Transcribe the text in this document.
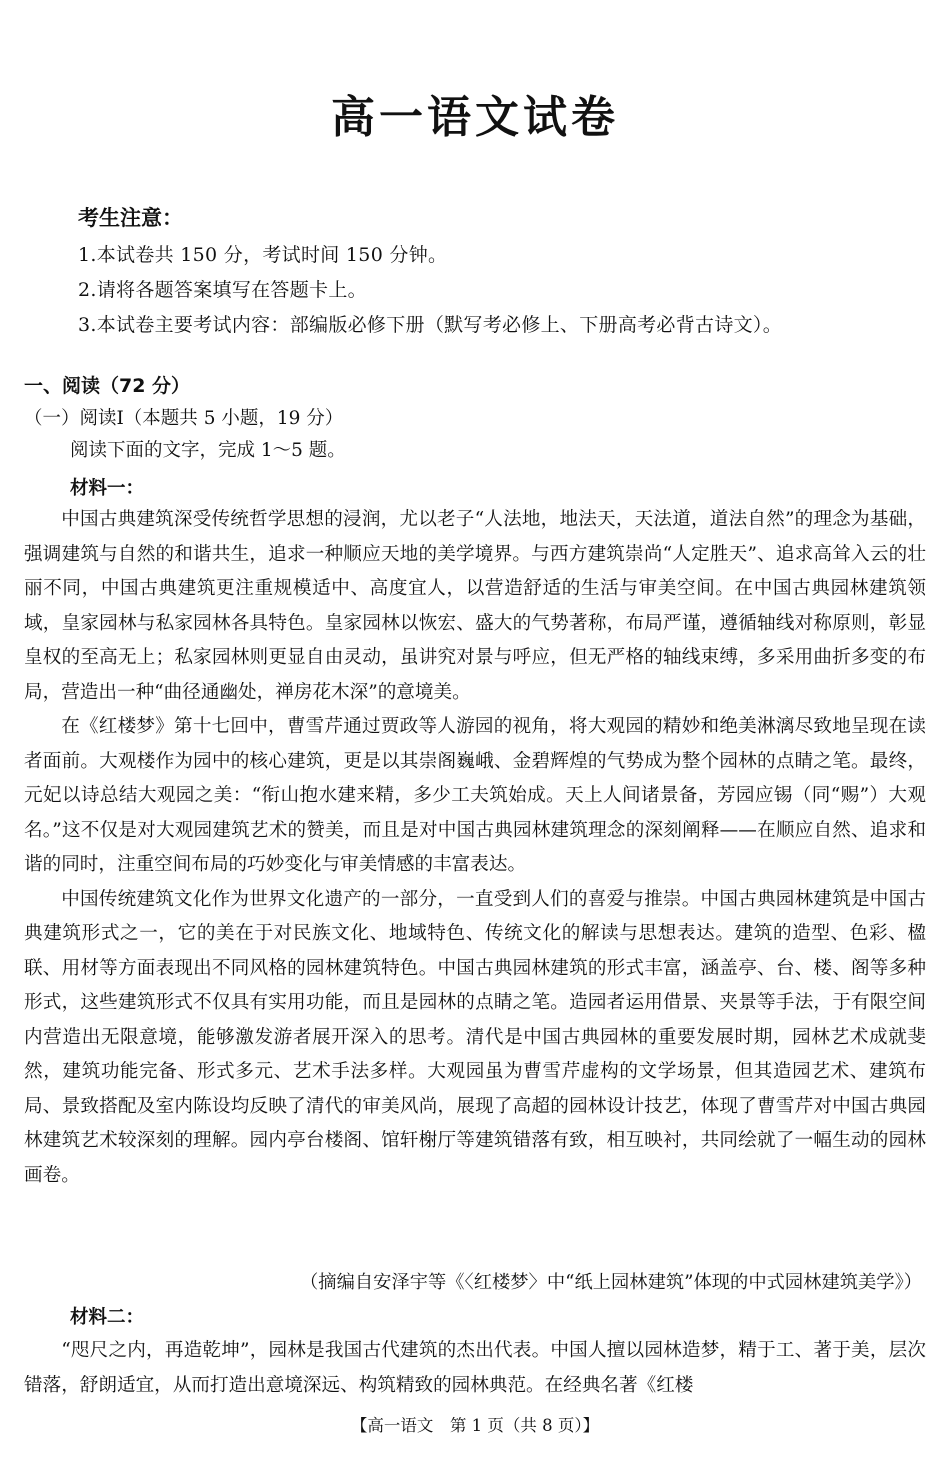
高一语文试卷
考生注意：
1.本试卷共 150 分，考试时间 150 分钟。
2.请将各题答案填写在答题卡上。
3.本试卷主要考试内容：部编版必修下册（默写考必修上、下册高考必背古诗文）。
一、阅读（72 分）
（一）阅读Ⅰ（本题共 5 小题，19 分）
阅读下面的文字，完成 1～5 题。
材料一：

中国古典建筑深受传统哲学思想的浸润，尤以老子“人法地，地法天，天法道，道法自然”的理念为基础，强调建筑与自然的和谐共生，追求一种顺应天地的美学境界。与西方建筑崇尚“人定胜天”、追求高耸入云的壮丽不同，中国古典建筑更注重规模适中、高度宜人，以营造舒适的生活与审美空间。在中国古典园林建筑领域，皇家园林与私家园林各具特色。皇家园林以恢宏、盛大的气势著称，布局严谨，遵循轴线对称原则，彰显皇权的至高无上；私家园林则更显自由灵动，虽讲究对景与呼应，但无严格的轴线束缚，多采用曲折多变的布局，营造出一种“曲径通幽处，禅房花木深”的意境美。

在《红楼梦》第十七回中，曹雪芹通过贾政等人游园的视角，将大观园的精妙和绝美淋漓尽致地呈现在读者面前。大观楼作为园中的核心建筑，更是以其崇阁巍峨、金碧辉煌的气势成为整个园林的点睛之笔。最终，元妃以诗总结大观园之美：“衔山抱水建来精，多少工夫筑始成。天上人间诸景备，芳园应锡（同“赐”）大观名。”这不仅是对大观园建筑艺术的赞美，而且是对中国古典园林建筑理念的深刻阐释——在顺应自然、追求和谐的同时，注重空间布局的巧妙变化与审美情感的丰富表达。

中国传统建筑文化作为世界文化遗产的一部分，一直受到人们的喜爱与推崇。中国古典园林建筑是中国古典建筑形式之一，它的美在于对民族文化、地域特色、传统文化的解读与思想表达。建筑的造型、色彩、楹联、用材等方面表现出不同风格的园林建筑特色。中国古典园林建筑的形式丰富，涵盖亭、台、楼、阁等多种形式，这些建筑形式不仅具有实用功能，而且是园林的点睛之笔。造园者运用借景、夹景等手法，于有限空间内营造出无限意境，能够激发游者展开深入的思考。清代是中国古典园林的重要发展时期，园林艺术成就斐然，建筑功能完备、形式多元、艺术手法多样。大观园虽为曹雪芹虚构的文学场景，但其造园艺术、建筑布局、景致搭配及室内陈设均反映了清代的审美风尚，展现了高超的园林设计技艺，体现了曹雪芹对中国古典园林建筑艺术较深刻的理解。园内亭台楼阁、馆轩榭厅等建筑错落有致，相互映衬，共同绘就了一幅生动的园林画卷。

（摘编自安泽宇等《〈红楼梦〉中“纸上园林建筑”体现的中式园林建筑美学》）
材料二：

“咫尺之内，再造乾坤”，园林是我国古代建筑的杰出代表。中国人擅以园林造梦，精于工、著于美，层次错落，舒朗适宜，从而打造出意境深远、构筑精致的园林典范。在经典名著《红楼

【高一语文　第 1 页（共 8 页）】
